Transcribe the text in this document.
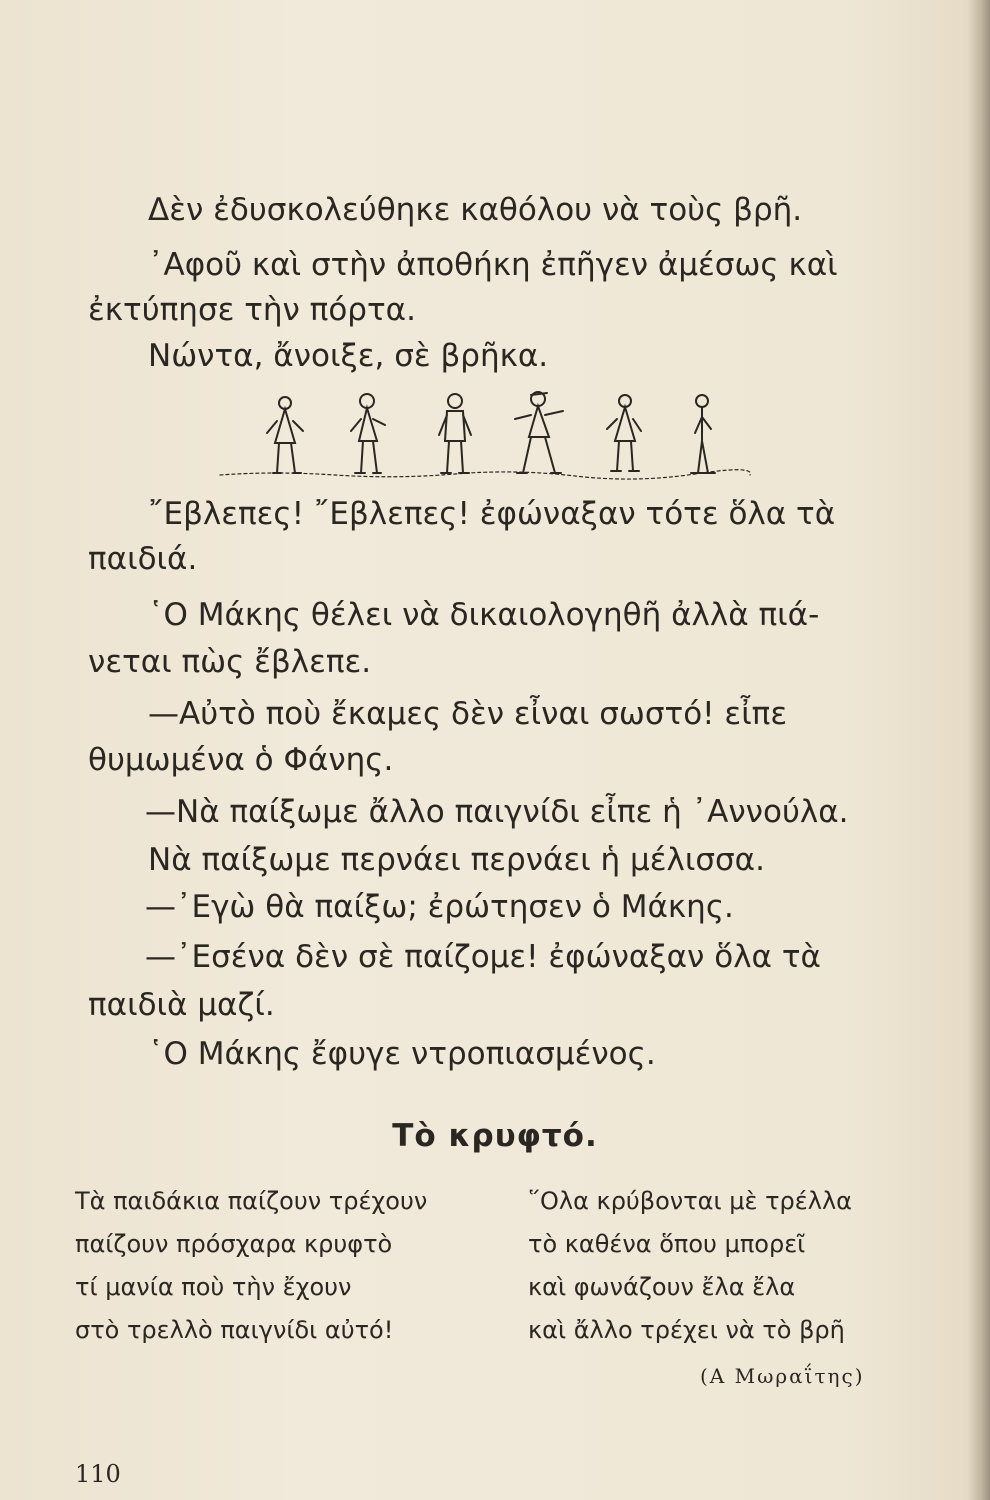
Δὲν ἐδυσκολεύθηκε καθόλου νὰ τοὺς βρῆ.

᾿Αφοῦ καὶ στὴν ἀποθήκη ἐπῆγεν ἀμέσως καὶ

ἐκτύπησε τὴν πόρτα.

Νώντα, ἄνοιξε, σὲ βρῆκα.

῎Εβλεπες! ῎Εβλεπες! ἐφώναξαν τότε ὅλα τὰ

παιδιά.

῾Ο Μάκης θέλει νὰ δικαιολογηθῆ ἀλλὰ πιά-

νεται πὼς ἔβλεπε.

—Αὐτὸ ποὺ ἔκαμες δὲν εἶναι σωστό! εἶπε

θυμωμένα ὁ Φάνης.

—Νὰ παίξωμε ἄλλο παιγνίδι εἶπε ἡ ᾿Αννούλα.

Νὰ παίξωμε περνάει περνάει ἡ μέλισσα.

—᾿Εγὼ θὰ παίξω; ἐρώτησεν ὁ Μάκης.

—᾿Εσένα δὲν σὲ παίζομε! ἐφώναξαν ὅλα τὰ

παιδιὰ μαζί.

῾Ο Μάκης ἔφυγε ντροπιασμένος.

Τὸ κρυφτό.
Τὰ παιδάκια παίζουν τρέχουν
παίζουν πρόσχαρα κρυφτὸ
τί μανία ποὺ τὴν ἔχουν
στὸ τρελλὸ παιγνίδι αὐτό!
῞Ολα κρύβονται μὲ τρέλλα
τὸ καθένα ὅπου μπορεῖ
καὶ φωνάζουν ἔλα ἔλα
καὶ ἄλλο τρέχει νὰ τὸ βρῆ
(Α Μωραΐτης)
110
